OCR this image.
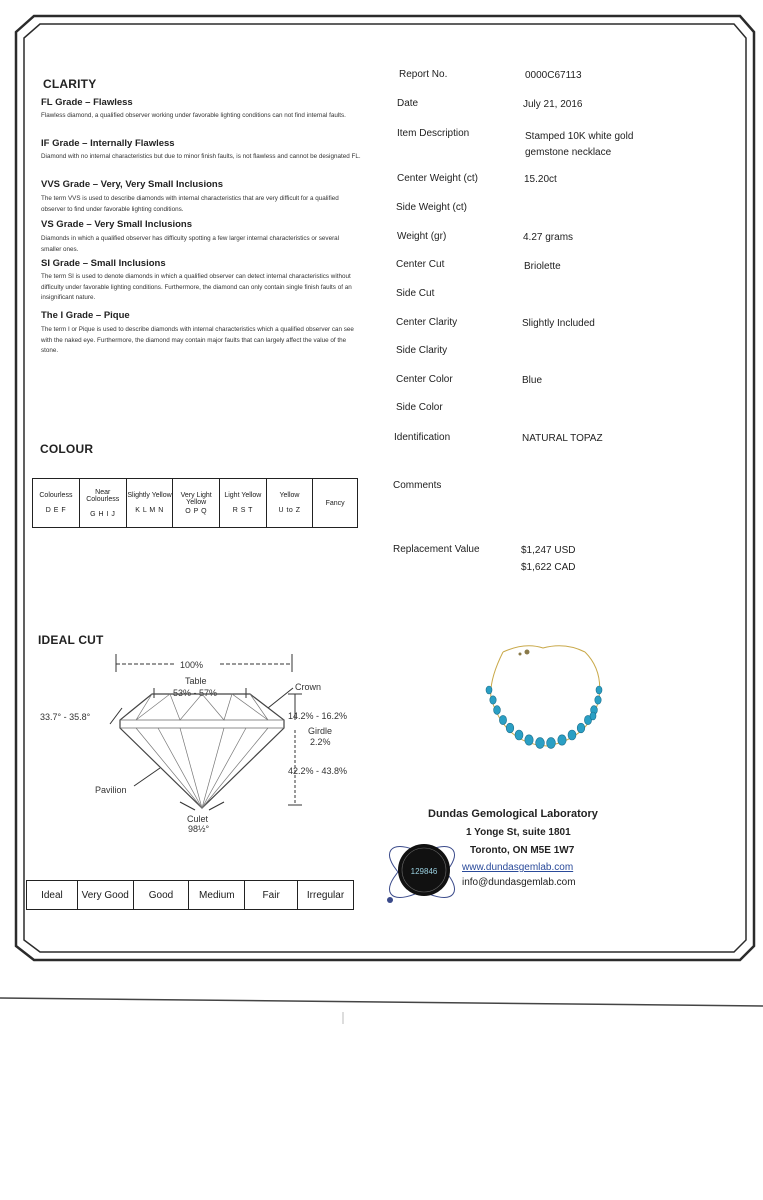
CLARITY
FL Grade – Flawless
Flawless diamond, a qualified observer working under favorable lighting conditions can not find internal faults.
IF Grade – Internally Flawless
Diamond with no internal characteristics but due to minor finish faults, is not flawless and cannot be designated FL.
VVS Grade – Very, Very Small Inclusions
The term VVS is used to describe diamonds with internal characteristics that are very difficult for a qualified observer to find under favorable lighting conditions.
VS Grade – Very Small Inclusions
Diamonds in which a qualified observer has difficulty spotting a few larger internal characteristics or several smaller ones.
SI Grade – Small Inclusions
The term SI is used to denote diamonds in which a qualified observer can detect internal characteristics without difficulty under favorable lighting conditions. Furthermore, the diamond can only contain single finish faults of an insignificant nature.
The I Grade – Pique
The term I or Pique is used to describe diamonds with internal characteristics which a qualified observer can see with the naked eye. Furthermore, the diamond may contain major faults that can largely affect the value of the stone.
COLOUR
Colourless
D E F

Near Colourless
G H I J

Slightly Yellow
K L M N

Very Light Yellow
O P Q

Light Yellow
R S T

Yellow
U to Z
	Fancy
IDEAL CUT
100%
Table
53% - 57%
Crown
33.7° - 35.8°	14.2% - 16.2%
Girdle
2.2%
42.2% - 43.8%
Pavilion
Culet
98½°
Ideal	Very Good	Good	Medium	Fair	Irregular
Report No.	0000C67113
Date	July 21, 2016
Item Description	Stamped 10K white gold gemstone necklace
Center Weight (ct)	15.20ct
Side Weight (ct)
Weight (gr)	4.27 grams
Center Cut	Briolette
Side Cut
Center Clarity	Slightly Included
Side Clarity
Center Color	Blue
Side Color
Identification	NATURAL TOPAZ
Comments
Replacement Value	$1,247 USD
$1,622 CAD
129846
Dundas Gemological Laboratory
1 Yonge St, suite 1801
Toronto, ON M5E 1W7
www.dundasgemlab.com
info@dundasgemlab.com
